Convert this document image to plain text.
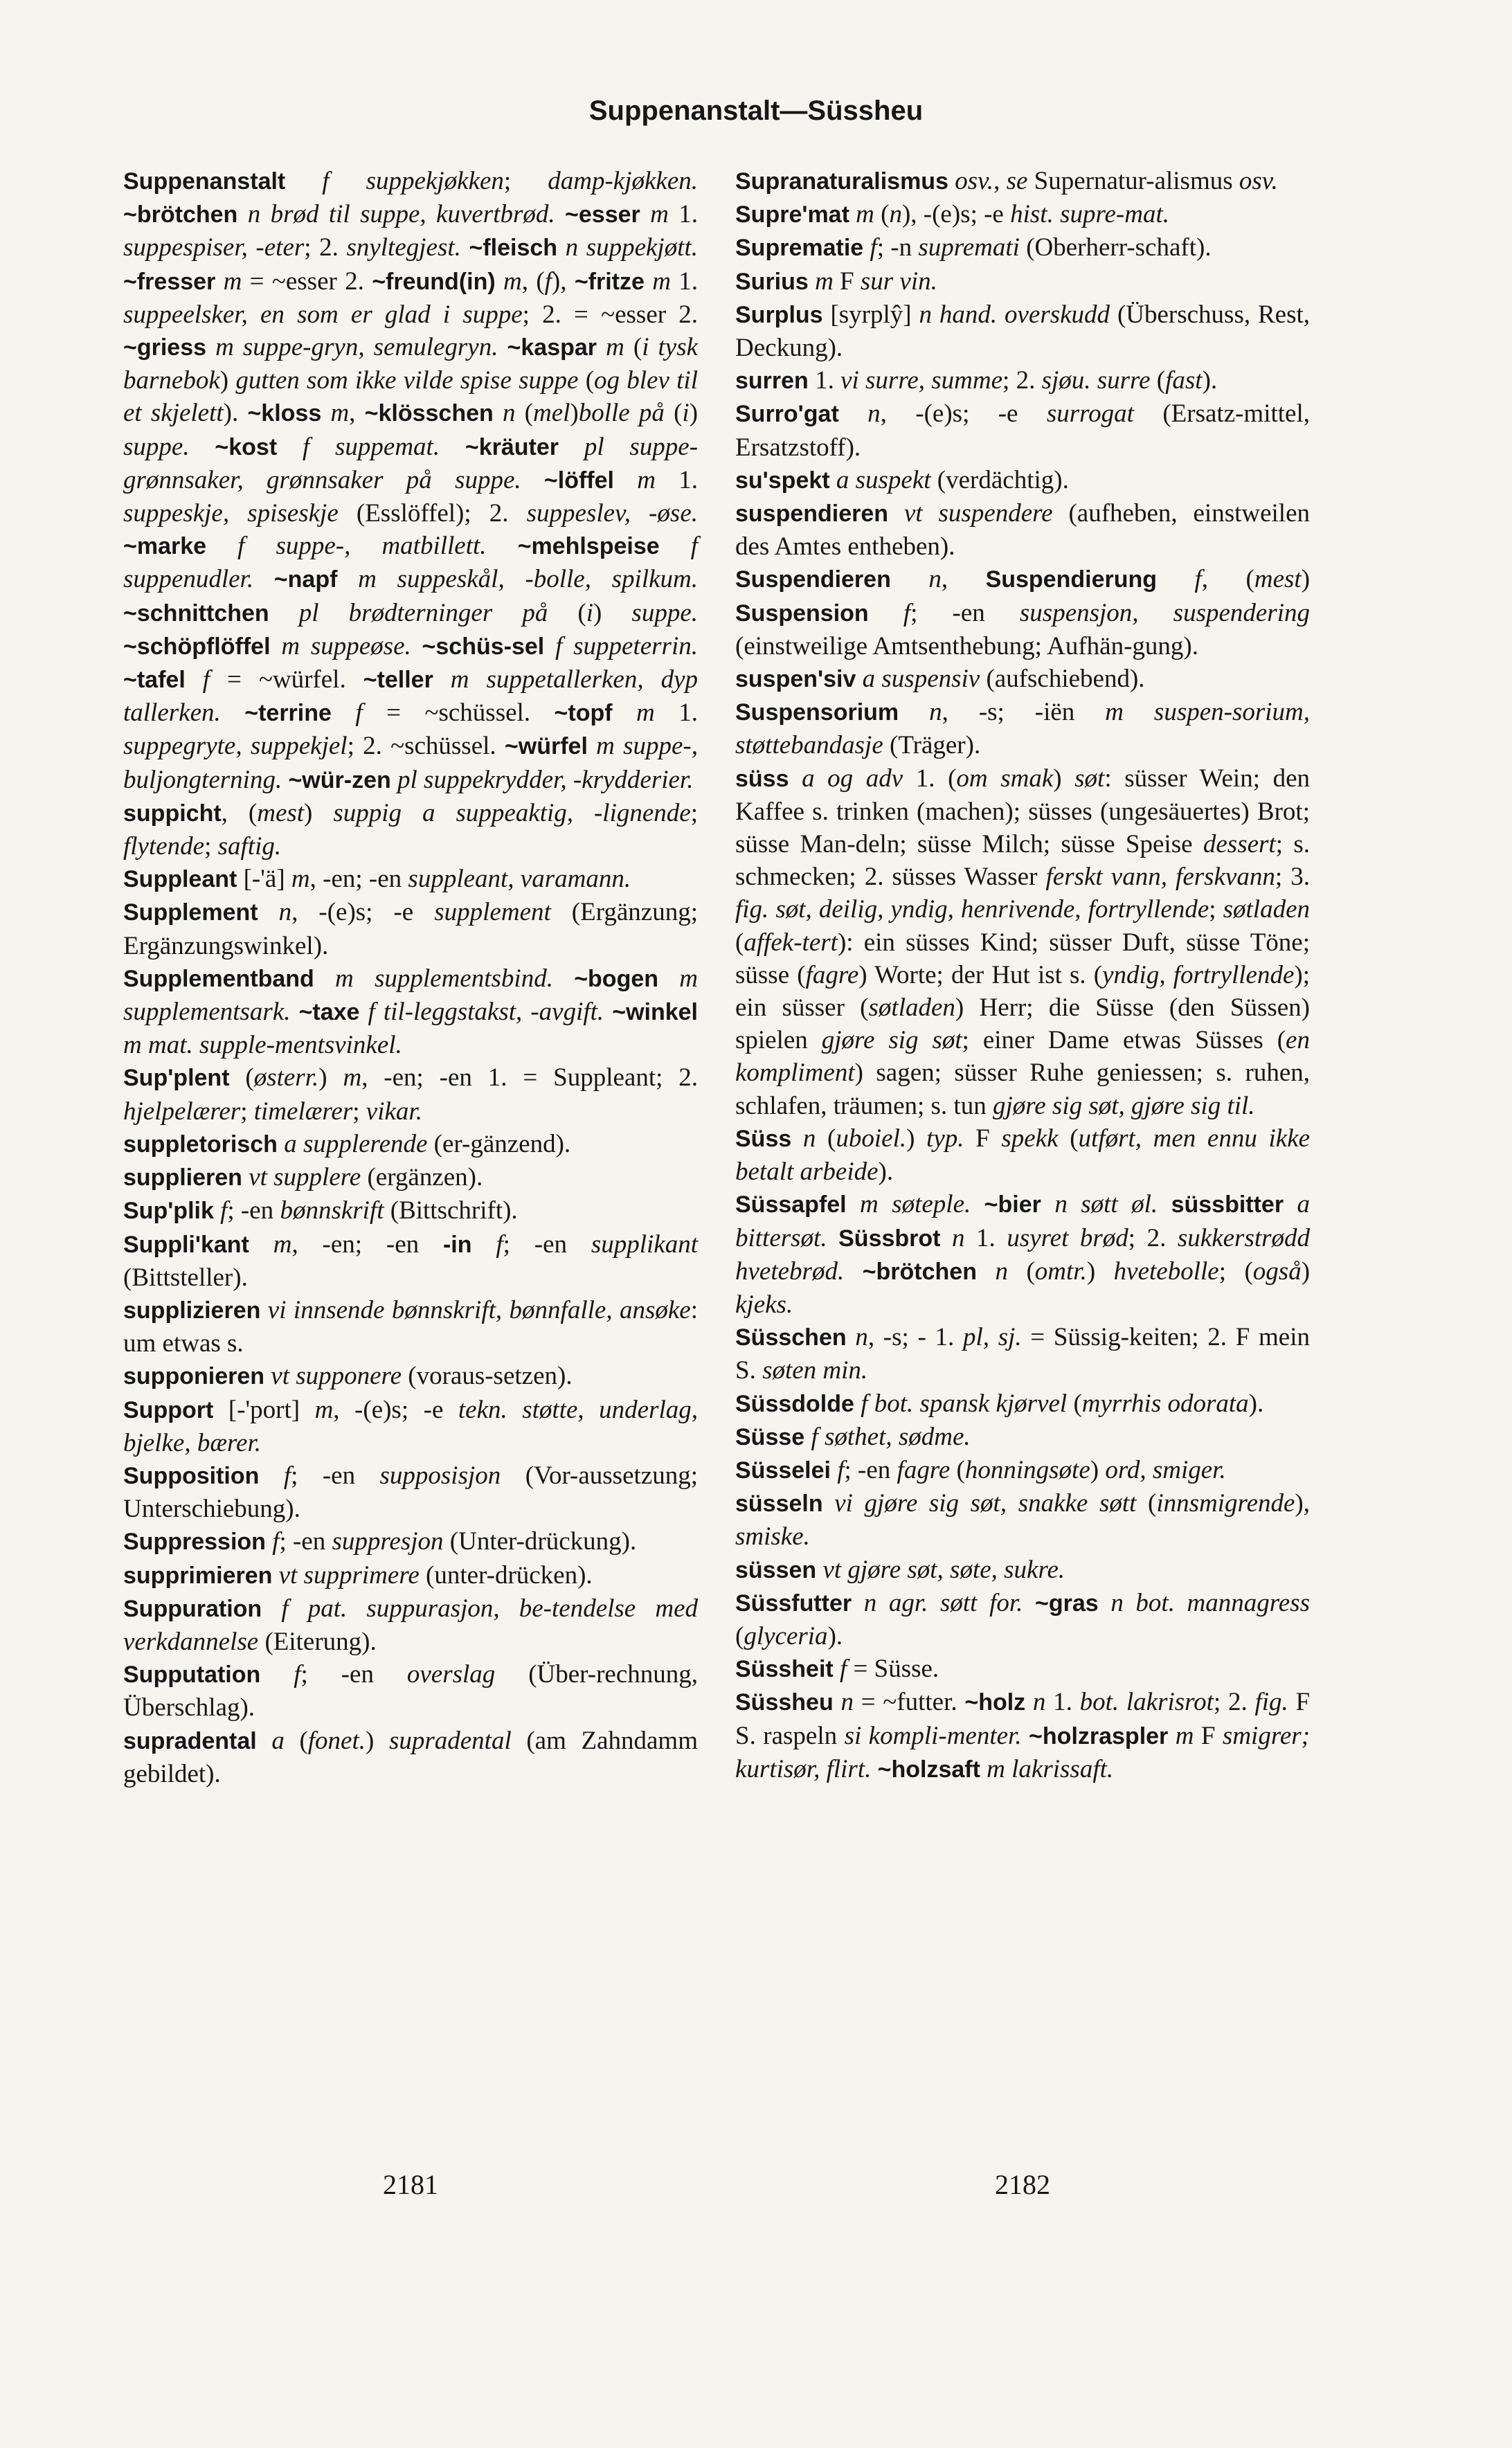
Suppenanstalt—Süssheu

Suppenanstalt f suppekjøkken; damp-kjøkken. ~brötchen n brød til suppe, kuvertbrød. ~esser m 1. suppespiser, -eter; 2. snyltegjest. ~fleisch n suppekjøtt. ~fresser m = ~esser 2. ~freund(in) m, (f), ~fritze m 1. suppeelsker, en som er glad i suppe; 2. = ~esser 2. ~griess m suppe-gryn, semulegryn. ~kaspar m (i tysk barnebok) gutten som ikke vilde spise suppe (og blev til et skjelett). ~kloss m, ~klösschen n (mel)bolle på (i) suppe. ~kost f suppemat. ~kräuter pl suppe-grønnsaker, grønnsaker på suppe. ~löffel m 1. suppeskje, spiseskje (Esslöffel); 2. suppeslev, -øse. ~marke f suppe-, matbillett. ~mehlspeise f suppenudler. ~napf m suppeskål, -bolle, spilkum. ~schnittchen pl brødterninger på (i) suppe. ~schöpflöffel m suppeøse. ~schüs-sel f suppeterrin. ~tafel f = ~würfel. ~teller m suppetallerken, dyp tallerken. ~terrine f = ~schüssel. ~topf m 1. suppegryte, suppekjel; 2. ~schüssel. ~würfel m suppe-, buljongterning. ~wür-zen pl suppekrydder, -krydderier.

suppicht, (mest) suppig a suppeaktig, -lignende; flytende; saftig.

Suppleant [-'ä] m, -en; -en suppleant, varamann.

Supplement n, -(e)s; -e supplement (Ergänzung; Ergänzungswinkel).

Supplementband m supplementsbind. ~bogen m supplementsark. ~taxe f til-leggstakst, -avgift. ~winkel m mat. supple-mentsvinkel.

Sup'plent (østerr.) m, -en; -en 1. = Suppleant; 2. hjelpelærer; timelærer; vikar.

suppletorisch a supplerende (er-gänzend).

supplieren vt supplere (ergänzen).

Sup'plik f; -en bønnskrift (Bittschrift).

Suppli'kant m, -en; -en -in f; -en supplikant (Bittsteller).

supplizieren vi innsende bønnskrift, bønnfalle, ansøke: um etwas s.

supponieren vt supponere (voraus-setzen).

Support [-'port] m, -(e)s; -e tekn. støtte, underlag, bjelke, bærer.

Supposition f; -en supposisjon (Vor-aussetzung; Unterschiebung).

Suppression f; -en suppresjon (Unter-drückung).

supprimieren vt supprimere (unter-drücken).

Suppuration f pat. suppurasjon, be-tendelse med verkdannelse (Eiterung).

Supputation f; -en overslag (Über-rechnung, Überschlag).

supradental a (fonet.) supradental (am Zahndamm gebildet).

Supranaturalismus osv., se Supernatur-alismus osv.

Supre'mat m (n), -(e)s; -e hist. supre-mat.

Suprematie f; -n supremati (Oberherr-schaft).

Surius m F sur vin.

Surplus [syrplŷ] n hand. overskudd (Überschuss, Rest, Deckung).

surren 1. vi surre, summe; 2. sjøu. surre (fast).

Surro'gat n, -(e)s; -e surrogat (Ersatz-mittel, Ersatzstoff).

su'spekt a suspekt (verdächtig).

suspendieren vt suspendere (aufheben, einstweilen des Amtes entheben).

Suspendieren n, Suspendierung f, (mest) Suspension f; -en suspensjon, suspendering (einstweilige Amtsenthebung; Aufhän-gung).

suspen'siv a suspensiv (aufschiebend).

Suspensorium n, -s; -iën m suspen-sorium, støttebandasje (Träger).

süss a og adv 1. (om smak) søt: süsser Wein; den Kaffee s. trinken (machen); süsses (ungesäuertes) Brot; süsse Man-deln; süsse Milch; süsse Speise dessert; s. schmecken; 2. süsses Wasser ferskt vann, ferskvann; 3. fig. søt, deilig, yndig, henrivende, fortryllende; søtladen (affek-tert): ein süsses Kind; süsser Duft, süsse Töne; süsse (fagre) Worte; der Hut ist s. (yndig, fortryllende); ein süsser (søtladen) Herr; die Süsse (den Süssen) spielen gjøre sig søt; einer Dame etwas Süsses (en kompliment) sagen; süsser Ruhe geniessen; s. ruhen, schlafen, träumen; s. tun gjøre sig søt, gjøre sig til.

Süss n (uboiel.) typ. F spekk (utført, men ennu ikke betalt arbeide).

Süssapfel m søteple. ~bier n søtt øl. süssbitter a bittersøt. Süssbrot n 1. usyret brød; 2. sukkerstrødd hvetebrød. ~brötchen n (omtr.) hvetebolle; (også) kjeks.

Süsschen n, -s; - 1. pl, sj. = Süssig-keiten; 2. F mein S. søten min.

Süssdolde f bot. spansk kjørvel (myrrhis odorata).

Süsse f søthet, sødme.

Süsselei f; -en fagre (honningsøte) ord, smiger.

süsseln vi gjøre sig søt, snakke søtt (innsmigrende), smiske.

süssen vt gjøre søt, søte, sukre.

Süssfutter n agr. søtt for. ~gras n bot. mannagress (glyceria).

Süssheit f = Süsse.

Süssheu n = ~futter. ~holz n 1. bot. lakrisrot; 2. fig. F S. raspeln si kompli-menter. ~holzraspler m F smigrer; kurtisør, flirt. ~holzsaft m lakrissaft.

2181	2182
